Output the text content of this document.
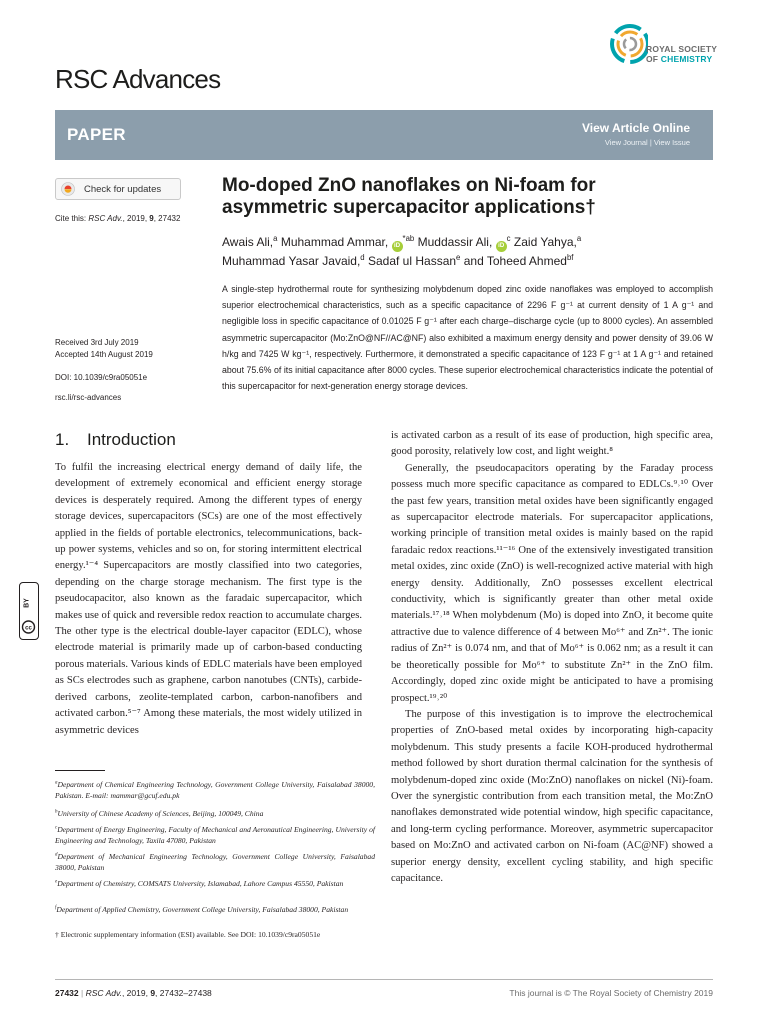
RSC Advances
ROYAL SOCIETY
OF CHEMISTRY
PAPER	View Article Online
View Journal | View Issue
Check for updates
Cite this: RSC Adv., 2019, 9, 27432
Received 3rd July 2019
Accepted 14th August 2019
DOI: 10.1039/c9ra05051e
rsc.li/rsc-advances
cc
BY
Mo-doped ZnO nanoflakes on Ni-foam for
asymmetric supercapacitor applications†
Awais Ali,$^a$ Muhammad Ammar, $iD^{*ab}$ Muddassir Ali, $iD^c$ Zaid Yahya,$^a$
Muhammad Yasar Javaid,$^d$ Sadaf ul Hassan$^e$ and Toheed Ahmed$^{bf}$
A single-step hydrothermal route for synthesizing molybdenum doped zinc oxide nanoflakes was employed to accomplish superior electrochemical characteristics, such as a specific capacitance of 2296 F g⁻¹ at current density of 1 A g⁻¹ and negligible loss in specific capacitance of 0.01025 F g⁻¹ after each charge–discharge cycle (up to 8000 cycles). An assembled asymmetric supercapacitor (Mo:ZnO@NF//AC@NF) also exhibited a maximum energy density and power density of 39.06 W h/kg and 7425 W kg⁻¹, respectively. Furthermore, it demonstrated a specific capacitance of 123 F g⁻¹ at 1 A g⁻¹ and retained about 75.6% of its initial capacitance after 8000 cycles. These superior electrochemical characteristics indicate the potential of this supercapacitor for next-generation energy storage devices.
1. Introduction

To fulfil the increasing electrical energy demand of daily life, the development of extremely economical and efficient energy storage devices is desperately required. Among the different types of energy storage devices, supercapacitors (SCs) are one of the most effectively applied in the fields of portable electronics, telecommunications, back-up power systems, vehicles and so on, for storing intermittent electrical energy.¹⁻⁴ Supercapacitors are mostly classified into two categories, depending on the charge storage mechanism. The first type is the pseudocapacitor, also known as the faradaic supercapacitor, which makes use of quick and reversible redox reaction to accumulate charges. The other type is the electrical double-layer capacitor (EDLC), whose electrode material is primarily made up of carbon-based conducting porous materials. Various kinds of EDLC materials have been employed as SCs electrodes such as graphene, carbon nanotubes (CNTs), carbide-derived carbons, zeolite-templated carbon, carbon-nanofibers and activated carbon.⁵⁻⁷ Among these materials, the most widely utilized in asymmetric devices

is activated carbon as a result of its ease of production, high specific area, good porosity, relatively low cost, and light weight.⁸

Generally, the pseudocapacitors operating by the Faraday process possess much more specific capacitance as compared to EDLCs.⁹˒¹⁰ Over the past few years, transition metal oxides have been significantly engaged as supercapacitor electrode materials. For supercapacitor applications, working principle of transition metal oxides is mainly based on the rapid faradaic redox reactions.¹¹⁻¹⁶ One of the extensively investigated transition metal oxides, zinc oxide (ZnO) is well-recognized active material with high energy density. Additionally, ZnO possesses excellent electrical conductivity, which is significantly greater than other metal oxide materials.¹⁷˒¹⁸ When molybdenum (Mo) is doped into ZnO, it become quite attractive due to valence difference of 4 between Mo⁶⁺ and Zn²⁺. The ionic radius of Zn²⁺ is 0.074 nm, and that of Mo⁶⁺ is 0.062 nm; as a result it can be theoretically possible for Mo⁶⁺ to substitute Zn²⁺ in the ZnO film. Accordingly, doped zinc oxide might be anticipated to have a promising prospect.¹⁹˒²⁰

The purpose of this investigation is to improve the electrochemical properties of ZnO-based metal oxides by incorporating high-capacity molybdenum. This study presents a facile KOH-produced hydrothermal method followed by short duration thermal calcination for the synthesis of molybdenum-doped zinc oxide (Mo:ZnO) nanoflakes on nickel (Ni)-foam. Over the synergistic contribution from each transition metal, the Mo:ZnO nanoflakes demonstrated wide potential window, high specific capacitance, and long-term cycling performance. Moreover, asymmetric supercapacitor based on Mo:ZnO and activated carbon on Ni-foam (AC@NF) showed a superior energy density, excellent cycling stability, and high specific capacitance.

$^a$Department of Chemical Engineering Technology, Government College University, Faisalabad 38000, Pakistan. E-mail: mammar@gcuf.edu.pk
$^b$University of Chinese Academy of Sciences, Beijing, 100049, China
$^c$Department of Energy Engineering, Faculty of Mechanical and Aeronautical Engineering, University of Engineering and Technology, Taxila 47080, Pakistan
$^d$Department of Mechanical Engineering Technology, Government College University, Faisalabad 38000, Pakistan
$^e$Department of Chemistry, COMSATS University, Islamabad, Lahore Campus 45550, Pakistan
$^f$Department of Applied Chemistry, Government College University, Faisalabad 38000, Pakistan
† Electronic supplementary information (ESI) available. See DOI: 10.1039/c9ra05051e
27432 | RSC Adv., 2019, 9, 27432–27438	This journal is © The Royal Society of Chemistry 2019
